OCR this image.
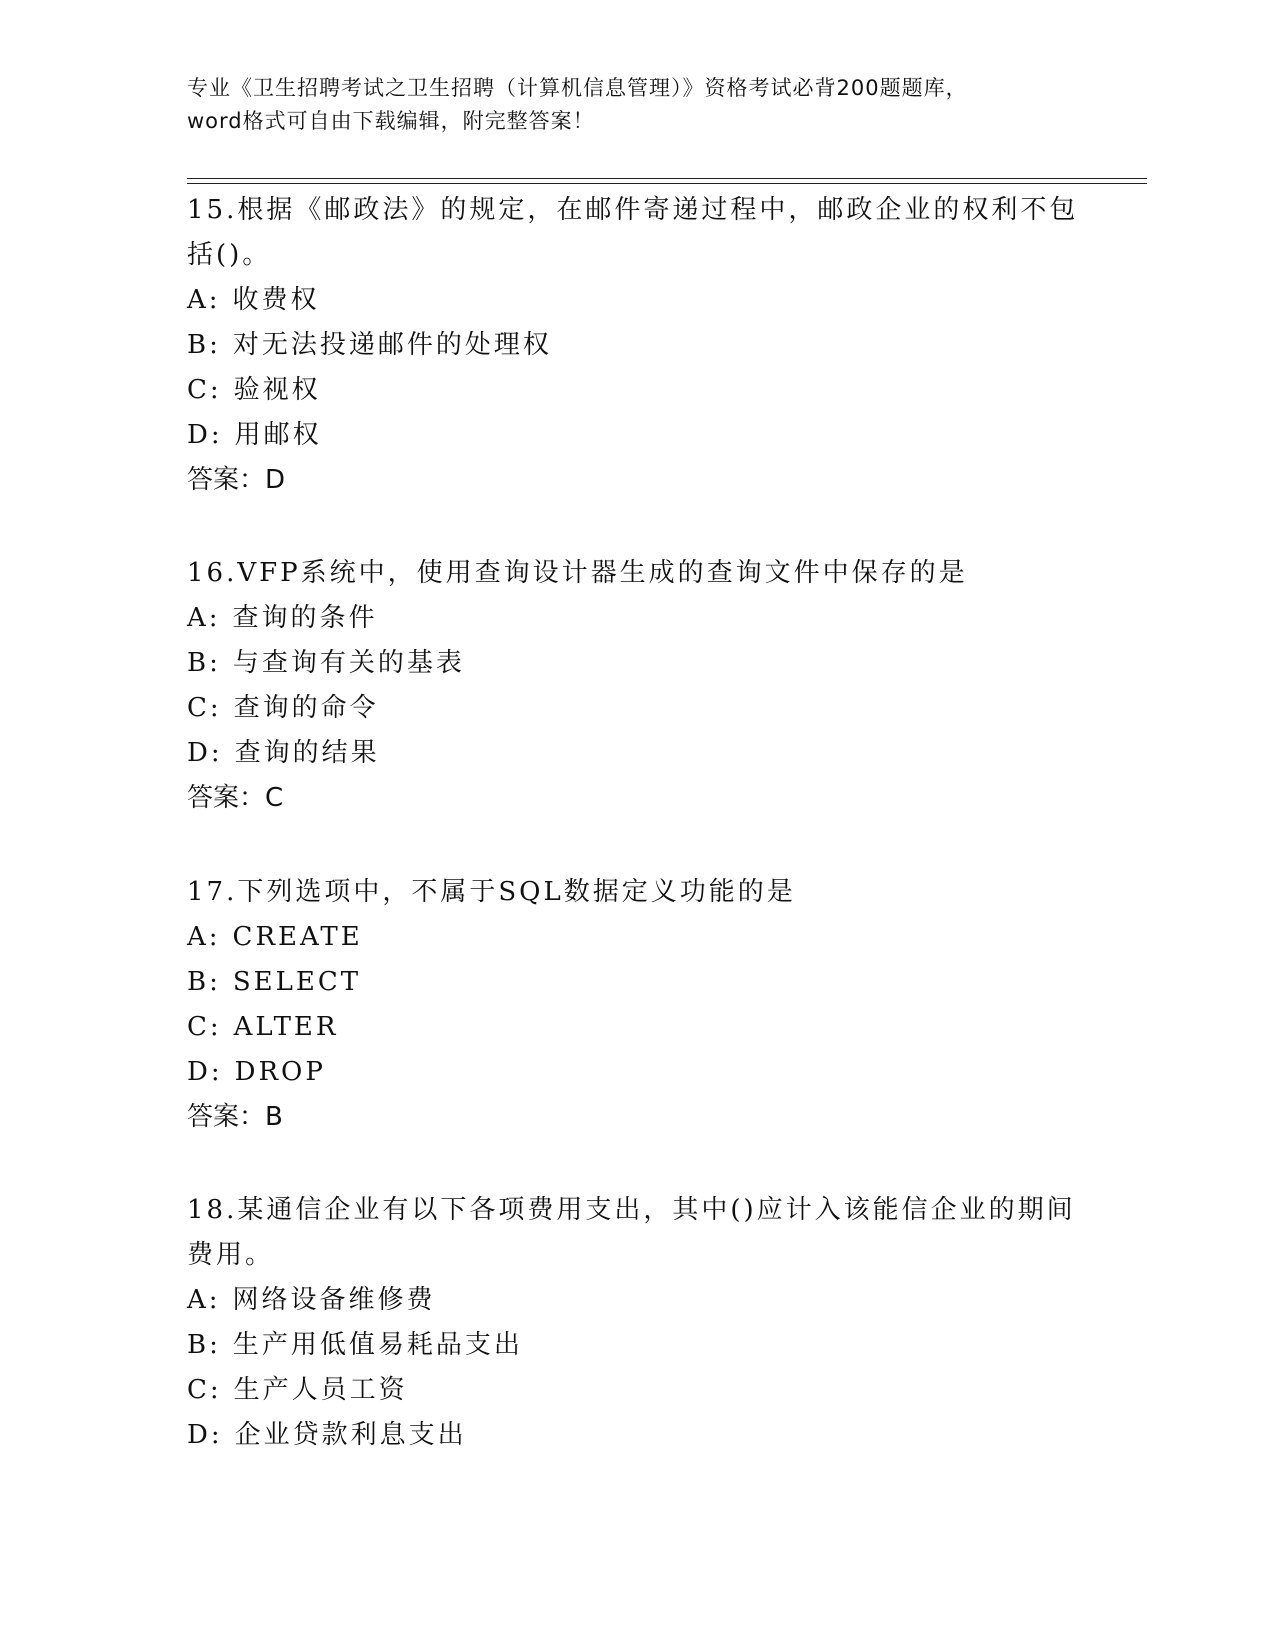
专业《卫生招聘考试之卫生招聘（计算机信息管理）》资格考试必背200题题库，
word格式可自由下载编辑，附完整答案！

15.根据《邮政法》的规定，在邮件寄递过程中，邮政企业的权利不包括()。

A: 收费权
B: 对无法投递邮件的处理权
C: 验视权
D: 用邮权
答案：D

16.VFP系统中，使用查询设计器生成的查询文件中保存的是

A: 查询的条件
B: 与查询有关的基表
C: 查询的命令
D: 查询的结果
答案：C

17.下列选项中，不属于SQL数据定义功能的是

A: CREATE
B: SELECT
C: ALTER
D: DROP
答案：B

18.某通信企业有以下各项费用支出，其中()应计入该能信企业的期间费用。

A: 网络设备维修费
B: 生产用低值易耗品支出
C: 生产人员工资
D: 企业贷款利息支出
